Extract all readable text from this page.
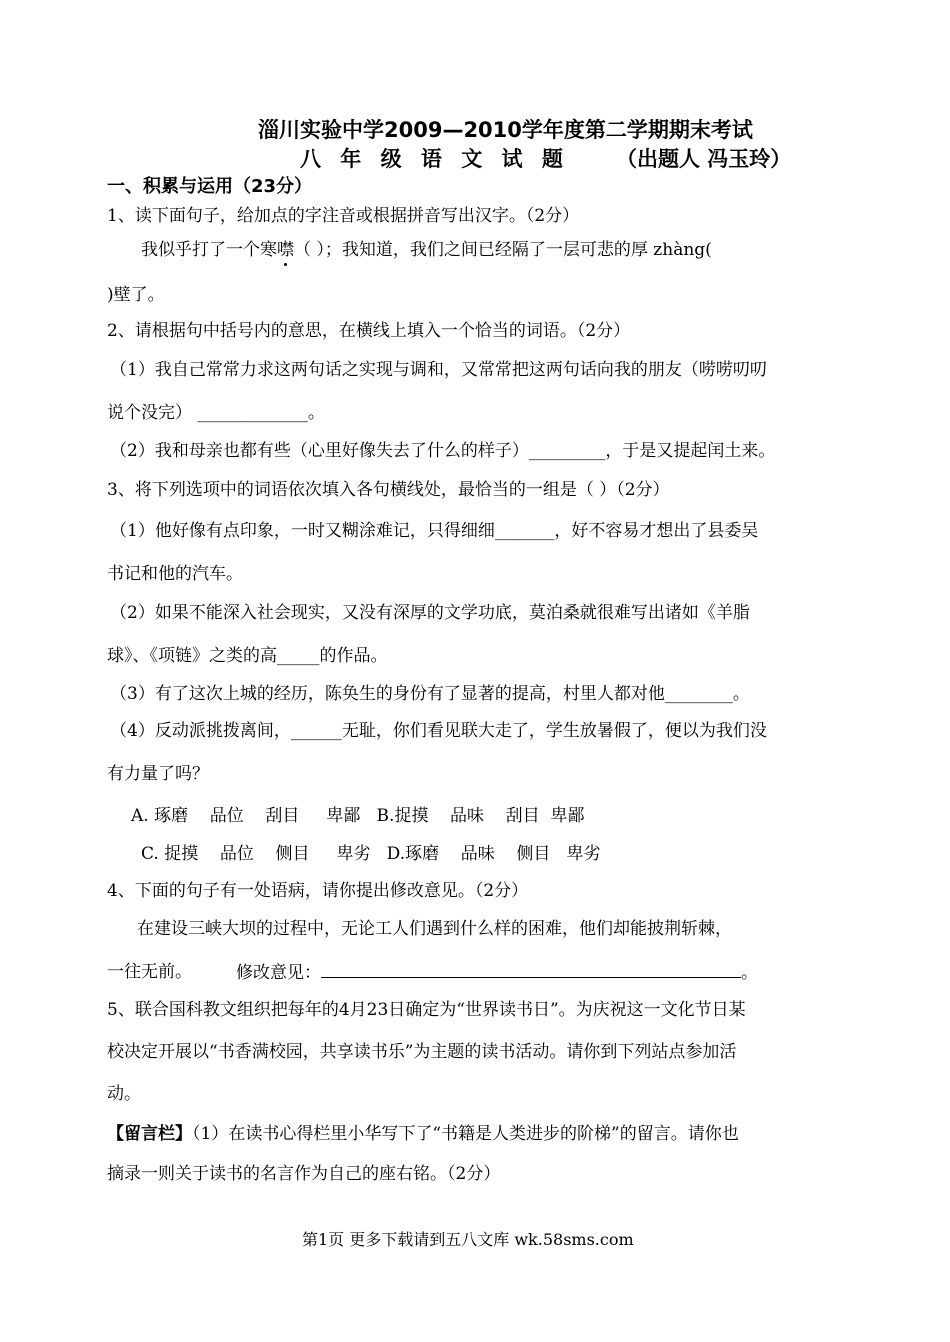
淄川实验中学2009—2010学年度第二学期期末考试
八 年 级 语 文 试 题 （出题人 冯玉玲）
一、积累与运用（23分）
1、读下面句子，给加点的字注音或根据拼音写出汉字。（2分）
我似乎打了一个寒噤（ ）；我知道，我们之间已经隔了一层可悲的厚 zhàng(
)壁了。
2、请根据句中括号内的意思，在横线上填入一个恰当的词语。（2分）
（1）我自己常常力求这两句话之实现与调和，又常常把这两句话向我的朋友（唠唠叨叨
说个没完） _____________。
（2）我和母亲也都有些（心里好像失去了什么的样子）_________，于是又提起闰土来。
3、将下列选项中的词语依次填入各句横线处，最恰当的一组是（ ）（2分）
（1）他好像有点印象，一时又糊涂难记，只得细细_______，好不容易才想出了县委吴
书记和他的汽车。
（2）如果不能深入社会现实，又没有深厚的文学功底，莫泊桑就很难写出诸如《羊脂
球》、《项链》之类的高_____的作品。
（3）有了这次上城的经历，陈奂生的身份有了显著的提高，村里人都对他________。
（4）反动派挑拨离间，______无耻，你们看见联大走了，学生放暑假了，便以为我们没
有力量了吗？
A. 琢磨    品位    刮目     卑鄙   B.捉摸    品味    刮目  卑鄙
C. 捉摸    品位    侧目     卑劣   D.琢磨    品味    侧目   卑劣
4、下面的句子有一处语病，请你提出修改意见。（2分）
在建设三峡大坝的过程中，无论工人们遇到什么样的困难，他们却能披荆斩棘，
一往无前。	修改意见：	。
5、联合国科教文组织把每年的4月23日确定为“世界读书日”。为庆祝这一文化节日某
校决定开展以“书香满校园，共享读书乐”为主题的读书活动。请你到下列站点参加活
动。
【留言栏】（1）在读书心得栏里小华写下了“书籍是人类进步的阶梯”的留言。请你也
摘录一则关于读书的名言作为自己的座右铭。（2分）
第1页 更多下载请到五八文库 wk.58sms.com
